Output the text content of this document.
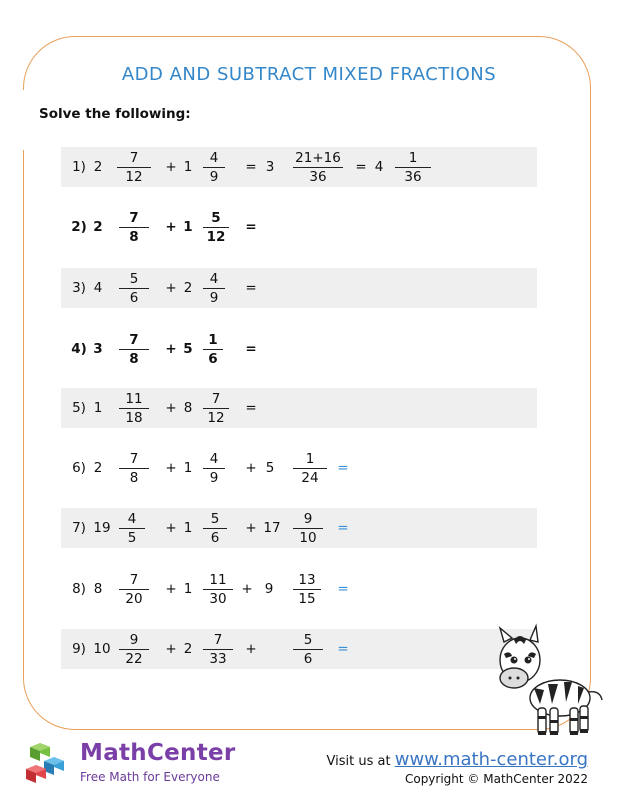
ADD AND SUBTRACT MIXED FRACTIONS
Solve the following:
1) $2 \frac{7}{12} + 1 \frac{4}{9} = 3 \frac{21+16}{36} = 4 \frac{1}{36}$
2) $2 \frac{7}{8} + 1 \frac{5}{12}$ =
3) $4 \frac{5}{6} + 2 \frac{4}{9}$ =
4) $3 \frac{7}{8} + 5 \frac{1}{6}$ =
5) $1 \frac{11}{18} + 8 \frac{7}{12}$ =
6) $2 \frac{7}{8} + 1 \frac{4}{9} + 5$	$\frac{1}{24}$ =
7) $19 \frac{4}{5} + 1 \frac{5}{6} + 17 \frac{9}{10}$ =
8) $8 \frac{7}{20} + 1 \frac{11}{30} + 9 \frac{13}{15}$ =
9) $10 \frac{9}{22} + 2 \frac{7}{33}$ +	$\frac{5}{6}$ =
MathCenter
Free Math for Everyone
Visit us at www.math-center.org
Copyright © MathCenter 2022
